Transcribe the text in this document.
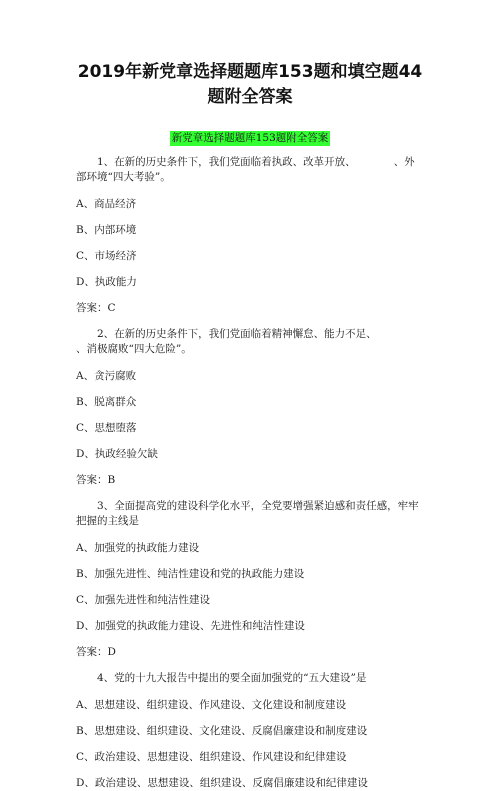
2019年新党章选择题题库153题和填空题44题附全答案
新党章选择题题库153题附全答案

1、在新的历史条件下，我们党面临着执政、改革开放、	、外部环境“四大考验”。

A、商品经济

B、内部环境

C、市场经济

D、执政能力

答案：C

2、在新的历史条件下，我们党面临着精神懈怠、能力不足、、消极腐败“四大危险”。

A、贪污腐败

B、脱离群众

C、思想堕落

D、执政经验欠缺

答案：B

3、全面提高党的建设科学化水平，全党要增强紧迫感和责任感，牢牢把握的主线是

A、加强党的执政能力建设

B、加强先进性、纯洁性建设和党的执政能力建设

C、加强先进性和纯洁性建设

D、加强党的执政能力建设、先进性和纯洁性建设

答案：D

4、党的十九大报告中提出的要全面加强党的“五大建设”是

A、思想建设、组织建设、作风建设、文化建设和制度建设

B、思想建设、组织建设、文化建设、反腐倡廉建设和制度建设

C、政治建设、思想建设、组织建设、作风建设和纪律建设

D、政治建设、思想建设、组织建设、反腐倡廉建设和纪律建设
